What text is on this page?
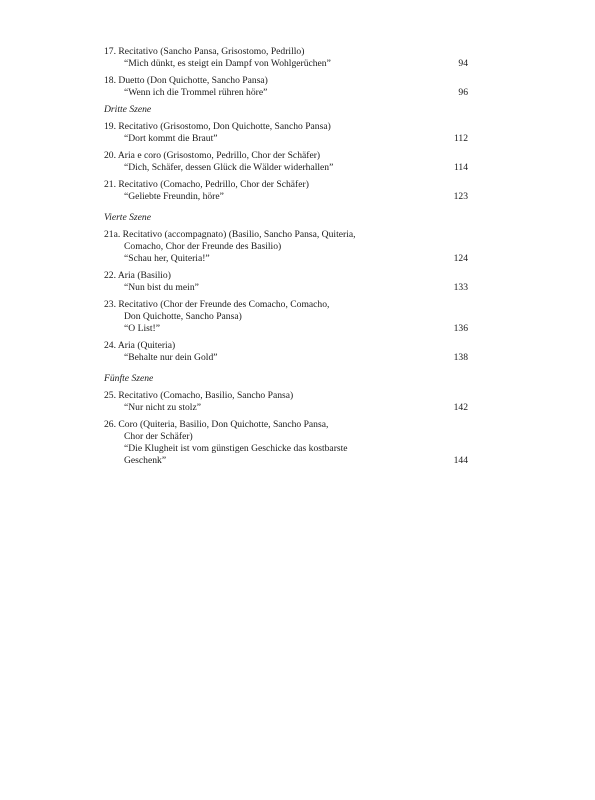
17. Recitativo (Sancho Pansa, Grisostomo, Pedrillo)
“Mich dünkt, es steigt ein Dampf von Wohlgerüchen”	94
18. Duetto (Don Quichotte, Sancho Pansa)
“Wenn ich die Trommel rühren höre”	96
Dritte Szene
19. Recitativo (Grisostomo, Don Quichotte, Sancho Pansa)
“Dort kommt die Braut”	112
20. Aria e coro (Grisostomo, Pedrillo, Chor der Schäfer)
“Dich, Schäfer, dessen Glück die Wälder widerhallen”	114
21. Recitativo (Comacho, Pedrillo, Chor der Schäfer)
“Geliebte Freundin, höre”	123
Vierte Szene
21a. Recitativo (accompagnato) (Basilio, Sancho Pansa, Quiteria,
Comacho, Chor der Freunde des Basilio)
“Schau her, Quiteria!”	124
22. Aria (Basilio)
“Nun bist du mein”	133
23. Recitativo (Chor der Freunde des Comacho, Comacho,
Don Quichotte, Sancho Pansa)
“O List!”	136
24. Aria (Quiteria)
“Behalte nur dein Gold”	138
Fünfte Szene
25. Recitativo (Comacho, Basilio, Sancho Pansa)
“Nur nicht zu stolz”	142
26. Coro (Quiteria, Basilio, Don Quichotte, Sancho Pansa,
Chor der Schäfer)
“Die Klugheit ist vom günstigen Geschicke das kostbarste
Geschenk”	144
